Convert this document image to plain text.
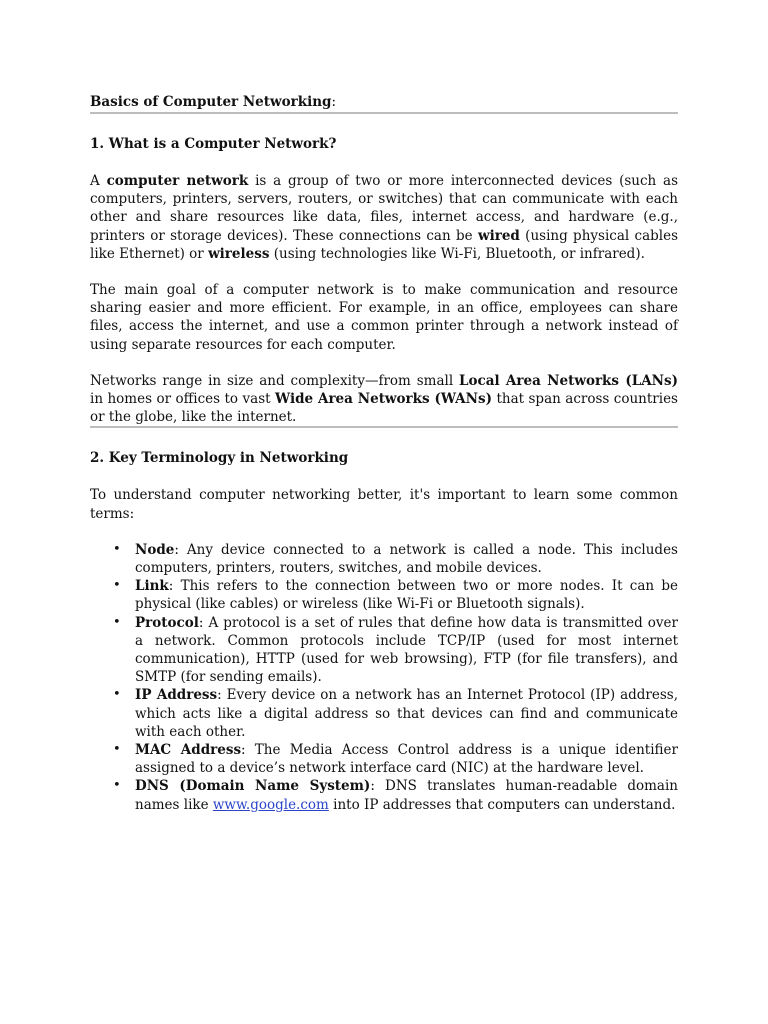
Basics of Computer Networking:
1. What is a Computer Network?

A computer network is a group of two or more interconnected devices (such as computers, printers, servers, routers, or switches) that can communicate with each other and share resources like data, files, internet access, and hardware (e.g., printers or storage devices). These connections can be wired (using physical cables like Ethernet) or wireless (using technologies like Wi-Fi, Bluetooth, or infrared).

The main goal of a computer network is to make communication and resource sharing easier and more efficient. For example, in an office, employees can share files, access the internet, and use a common printer through a network instead of using separate resources for each computer.

Networks range in size and complexity—from small Local Area Networks (LANs) in homes or offices to vast Wide Area Networks (WANs) that span across countries or the globe, like the internet.

2. Key Terminology in Networking

To understand computer networking better, it's important to learn some common terms:

• Node: Any device connected to a network is called a node. This includes computers, printers, routers, switches, and mobile devices.
• Link: This refers to the connection between two or more nodes. It can be physical (like cables) or wireless (like Wi-Fi or Bluetooth signals).
• Protocol: A protocol is a set of rules that define how data is transmitted over a network. Common protocols include TCP/IP (used for most internet communication), HTTP (used for web browsing), FTP (for file transfers), and SMTP (for sending emails).
• IP Address: Every device on a network has an Internet Protocol (IP) address, which acts like a digital address so that devices can find and communicate with each other.
• MAC Address: The Media Access Control address is a unique identifier assigned to a device’s network interface card (NIC) at the hardware level.
• DNS (Domain Name System): DNS translates human-readable domain names like www.google.com into IP addresses that computers can understand.
